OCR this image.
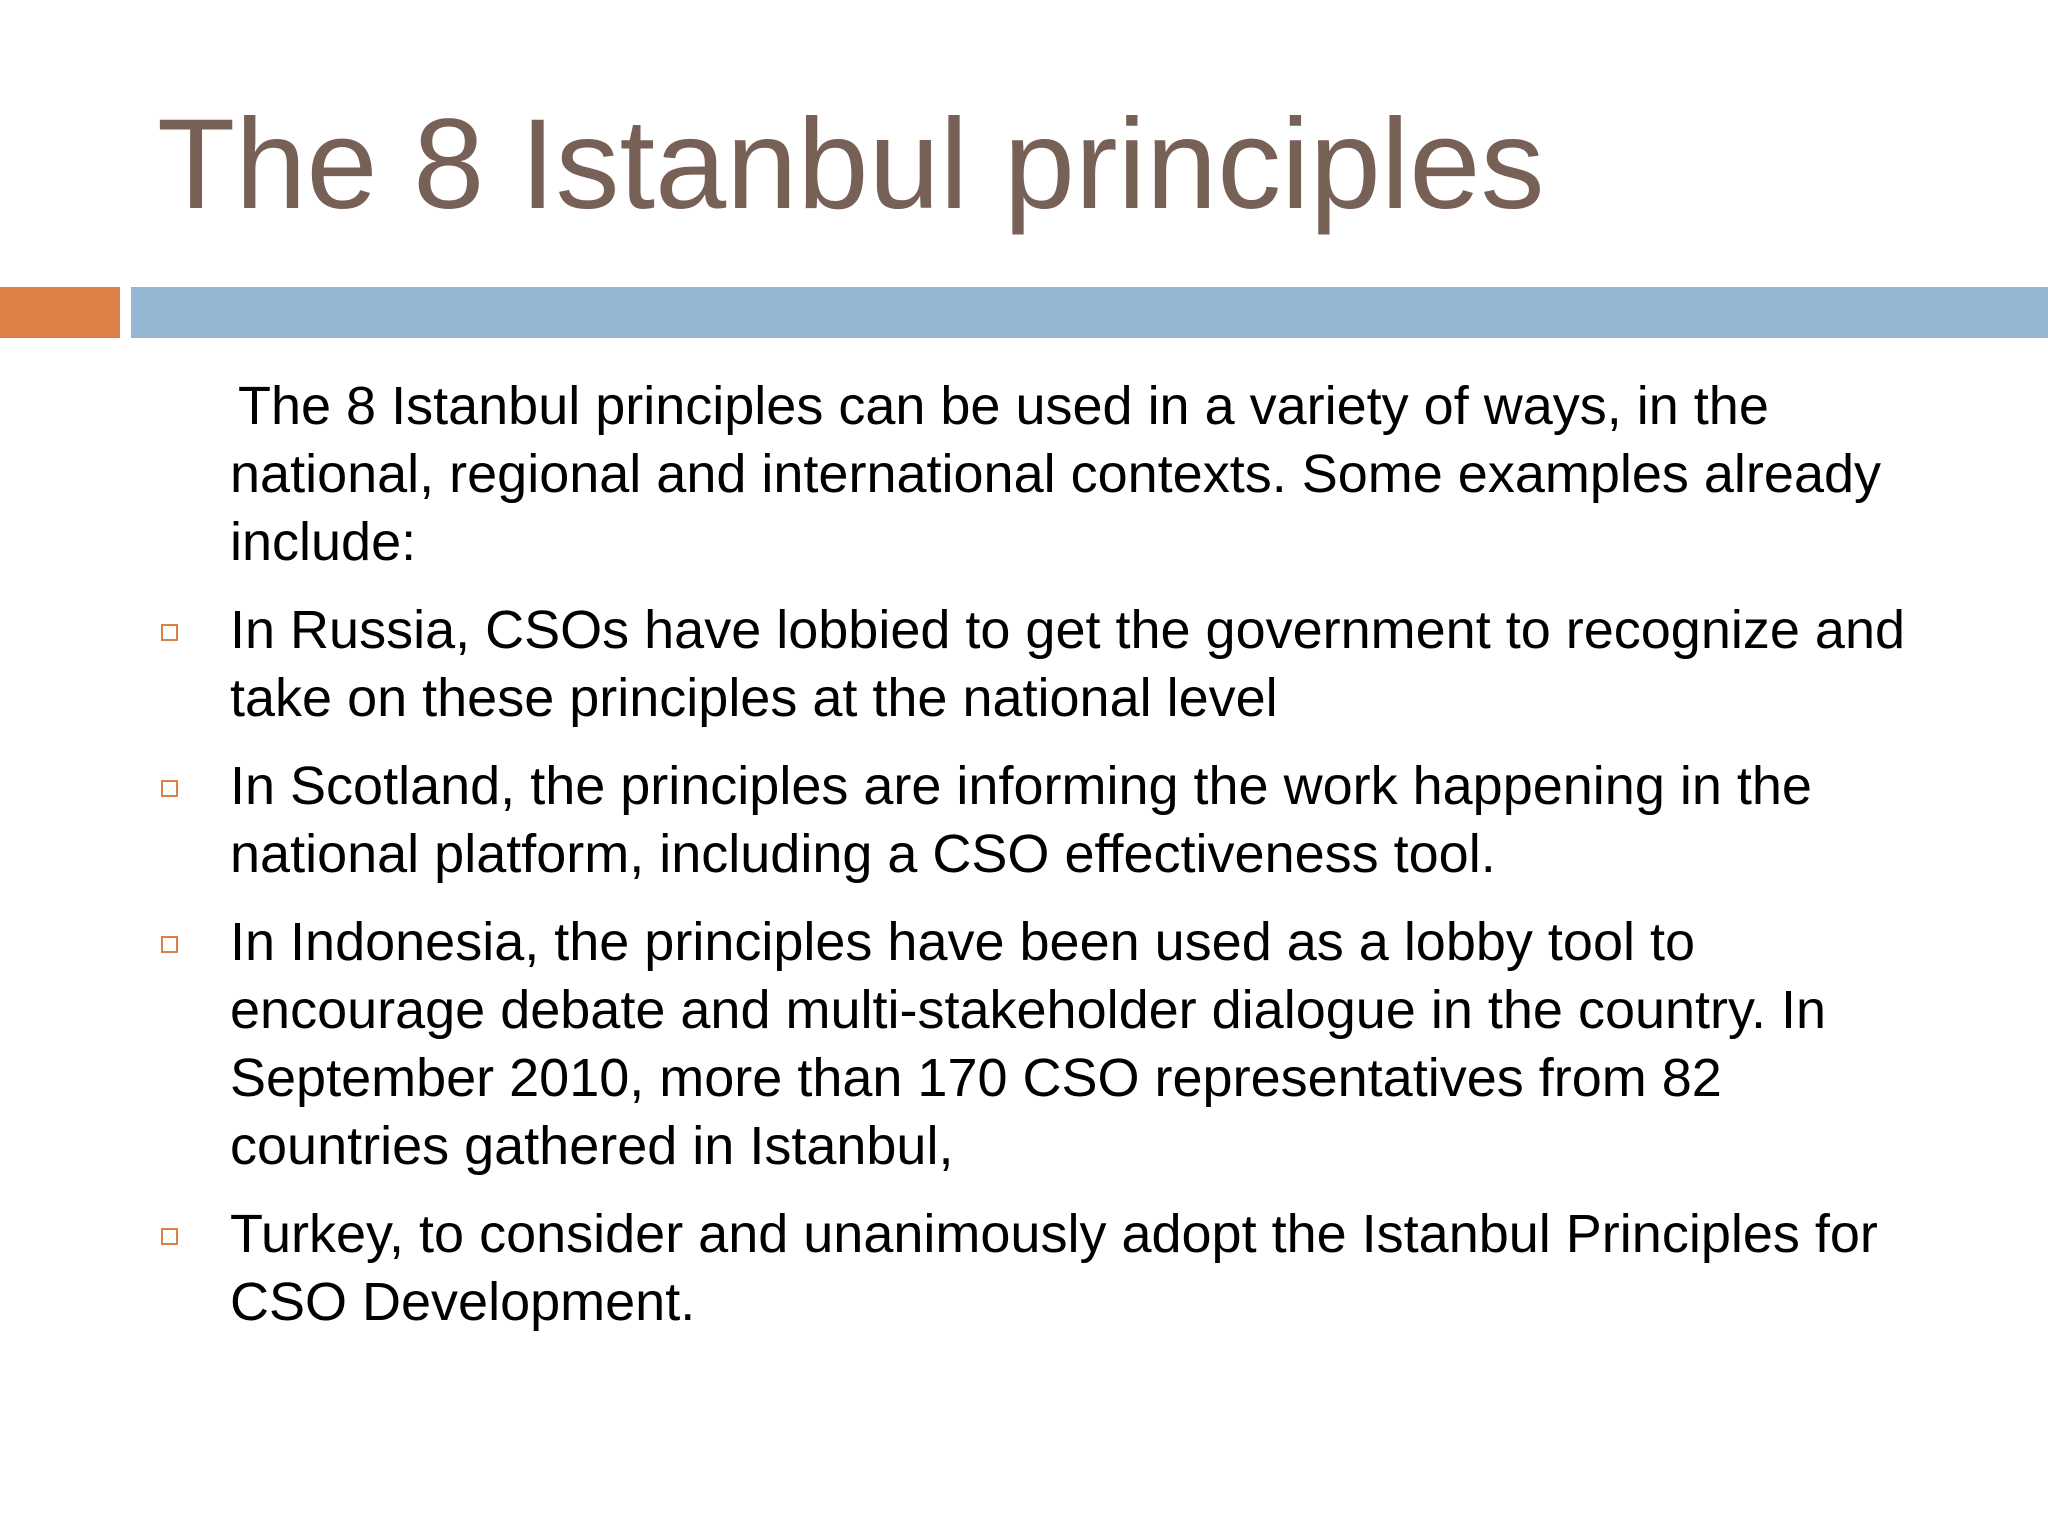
The 8 Istanbul principles

The 8 Istanbul principles can be used in a variety of ways, in the national, regional and international contexts. Some examples already include:

In Russia, CSOs have lobbied to get the government to recognize and take on these principles at the national level
In Scotland, the principles are informing the work happening in the national platform, including a CSO effectiveness tool.
In Indonesia, the principles have been used as a lobby tool to encourage debate and multi-stakeholder dialogue in the country. In September 2010, more than 170 CSO representatives from 82 countries gathered in Istanbul,
Turkey, to consider and unanimously adopt the Istanbul Principles for CSO Development.
